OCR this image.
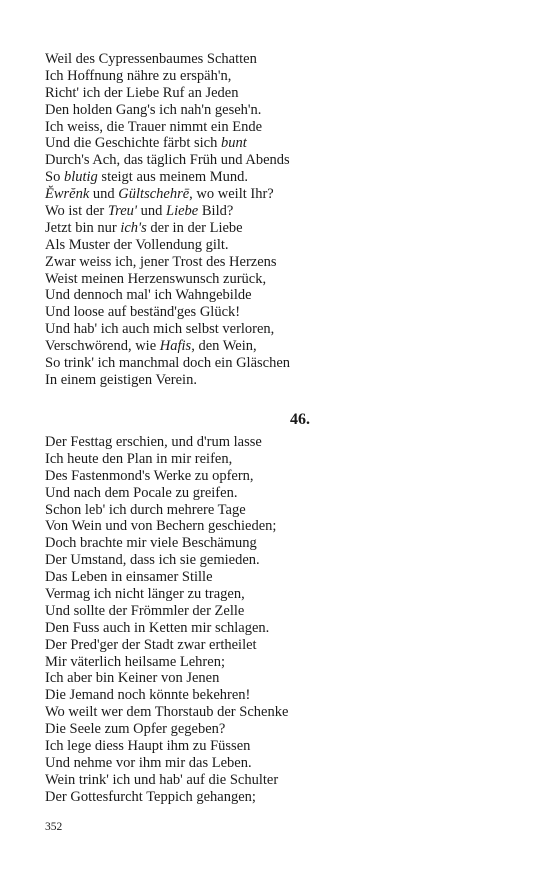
Weil des Cypressenbaumes Schatten
Ich Hoffnung nähre zu erspäh'n,
Richt' ich der Liebe Ruf an Jeden
Den holden Gang's ich nah'n geseh'n.
Ich weiss, die Trauer nimmt ein Ende
Und die Geschichte färbt sich bunt
Durch's Ach, das täglich Früh und Abends
So blutig steigt aus meinem Mund.
Ĕwrĕnk und Gültschehrē, wo weilt Ihr?
Wo ist der Treu' und Liebe Bild?
Jetzt bin nur ich's der in der Liebe
Als Muster der Vollendung gilt.
Zwar weiss ich, jener Trost des Herzens
Weist meinen Herzenswunsch zurück,
Und dennoch mal' ich Wahngebilde
Und loose auf beständ'ges Glück!
Und hab' ich auch mich selbst verloren,
Verschwörend, wie Hafis, den Wein,
So trink' ich manchmal doch ein Gläschen
In einem geistigen Verein.
46.
Der Festtag erschien, und d'rum lasse
Ich heute den Plan in mir reifen,
Des Fastenmond's Werke zu opfern,
Und nach dem Pocale zu greifen.
Schon leb' ich durch mehrere Tage
Von Wein und von Bechern geschieden;
Doch brachte mir viele Beschämung
Der Umstand, dass ich sie gemieden.
Das Leben in einsamer Stille
Vermag ich nicht länger zu tragen,
Und sollte der Frömmler der Zelle
Den Fuss auch in Ketten mir schlagen.
Der Pred'ger der Stadt zwar ertheilet
Mir väterlich heilsame Lehren;
Ich aber bin Keiner von Jenen
Die Jemand noch könnte bekehren!
Wo weilt wer dem Thorstaub der Schenke
Die Seele zum Opfer gegeben?
Ich lege diess Haupt ihm zu Füssen
Und nehme vor ihm mir das Leben.
Wein trink' ich und hab' auf die Schulter
Der Gottesfurcht Teppich gehangen;
352
